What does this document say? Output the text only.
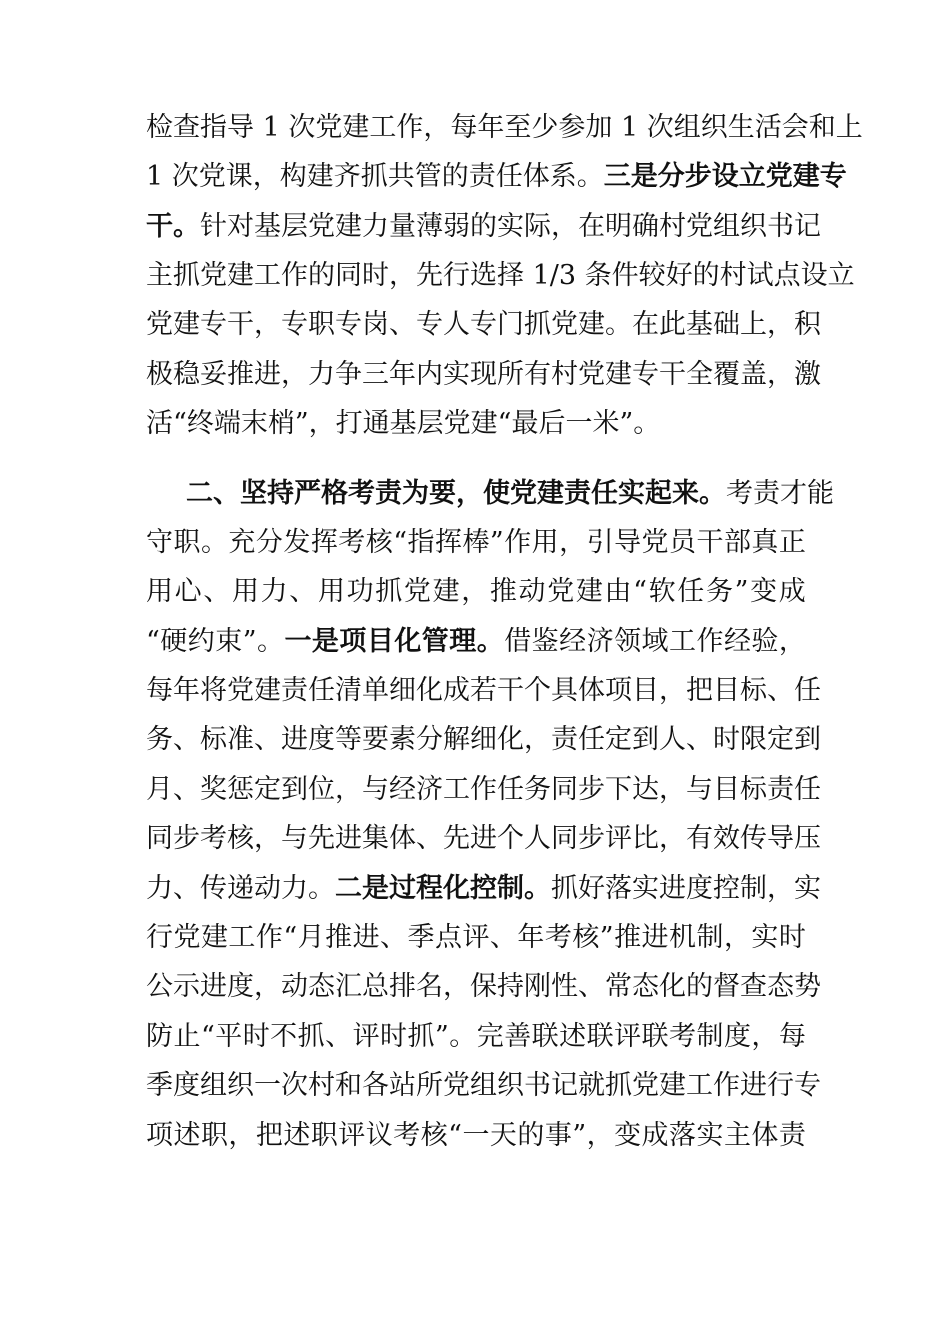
检 查 指 导
1
次 党 建 工 作 ， 每 年 至 少 参 加
1
次 组 织 生 活 会 和 上
1
次 党 课 ， 构 建 齐 抓 共 管 的 责 任 体 系 。 三 是 分 步 设 立 党 建 专
干 。 针 对 基 层 党 建 力 量 薄 弱 的 实 际 ， 在 明 确 村 党 组 织 书 记
主 抓 党 建 工 作 的 同 时 ， 先 行 选 择
1 / 3
条 件 较 好 的 村 试 点 设 立
党 建 专 干 ， 专 职 专 岗 、 专 人 专 门 抓 党 建 。 在 此 基 础 上 ， 积
极 稳 妥 推 进 ， 力 争 三 年 内 实 现 所 有 村 党 建 专 干 全 覆 盖 ， 激
活 “ 终 端 末 梢 ” ， 打 通 基 层 党 建 “ 最 后 一 米 ” 。
二 、 坚 持 严 格 考 责 为 要 ， 使 党 建 责 任 实 起 来 。 考 责 才 能
守 职 。 充 分 发 挥 考 核 “ 指 挥 棒 ” 作 用 ， 引 导 党 员 干 部 真 正
用 心 、 用 力 、 用 功 抓 党 建 ， 推 动 党 建 由 “ 软 任 务 ” 变 成
“ 硬 约 束 ” 。 一 是 项 目 化 管 理 。 借 鉴 经 济 领 域 工 作 经 验 ，
每 年 将 党 建 责 任 清 单 细 化 成 若 干 个 具 体 项 目 ， 把 目 标 、 任
务 、 标 准 、 进 度 等 要 素 分 解 细 化 ， 责 任 定 到 人 、 时 限 定 到
月 、 奖 惩 定 到 位 ， 与 经 济 工 作 任 务 同 步 下 达 ， 与 目 标 责 任
同 步 考 核 ， 与 先 进 集 体 、 先 进 个 人 同 步 评 比 ， 有 效 传 导 压
力 、 传 递 动 力 。 二 是 过 程 化 控 制 。 抓 好 落 实 进 度 控 制 ， 实
行 党 建 工 作 “ 月 推 进 、 季 点 评 、 年 考 核 ” 推 进 机 制 ， 实 时
公 示 进 度 ， 动 态 汇 总 排 名 ， 保 持 刚 性 、 常 态 化 的 督 查 态 势
防 止 “ 平 时 不 抓 、 评 时 抓 ” 。 完 善 联 述 联 评 联 考 制 度 ， 每
季 度 组 织 一 次 村 和 各 站 所 党 组 织 书 记 就 抓 党 建 工 作 进 行 专
项 述 职 ， 把 述 职 评 议 考 核 “ 一 天 的 事 ” ， 变 成 落 实 主 体 责
